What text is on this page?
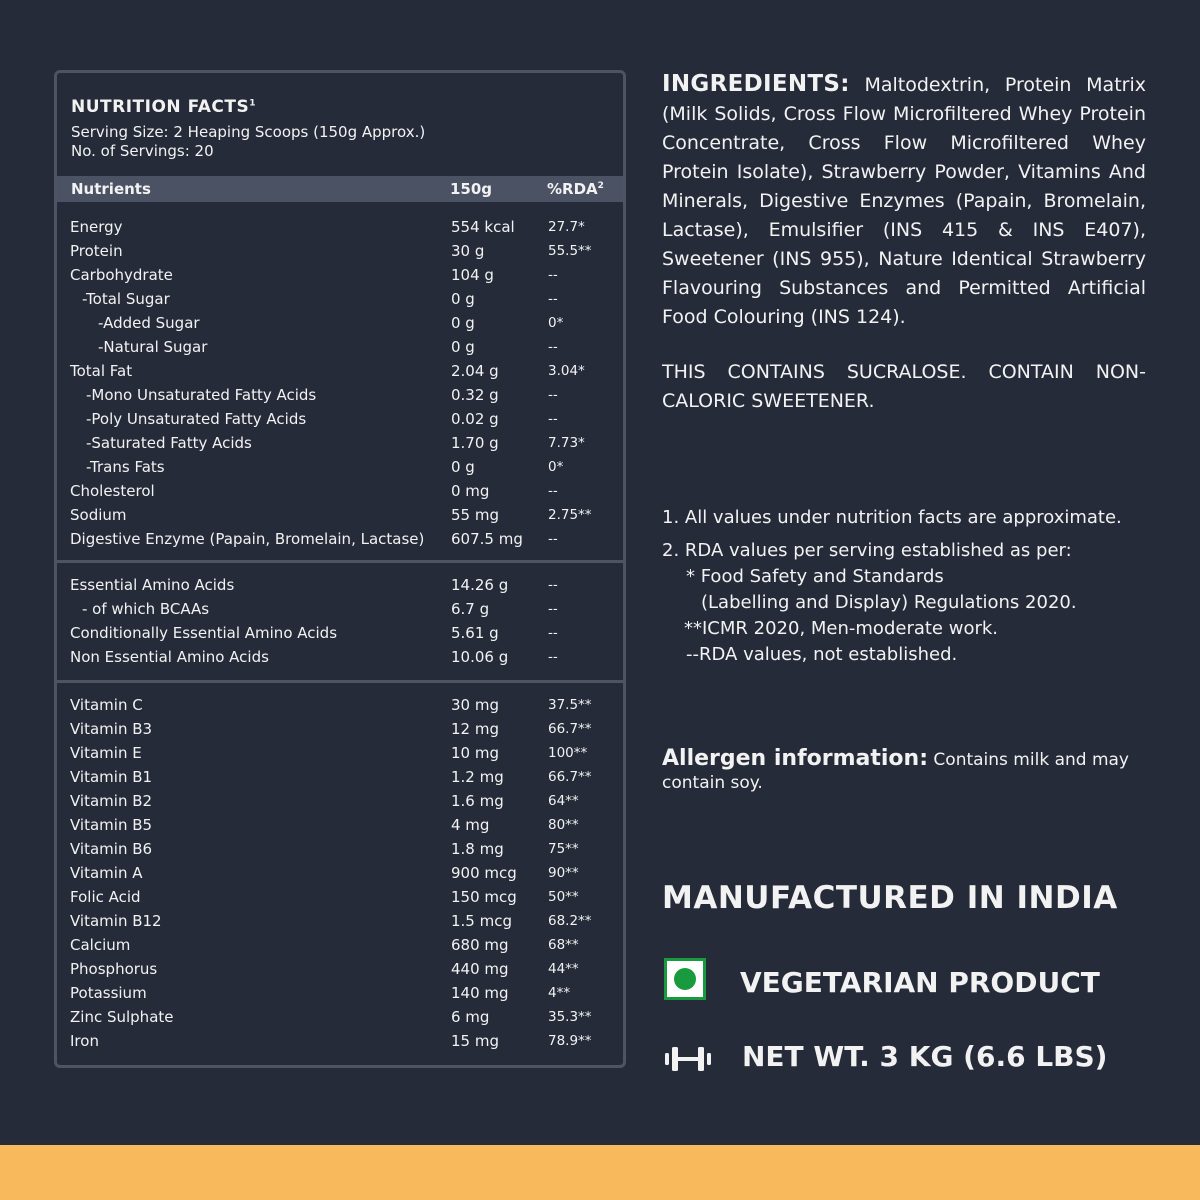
NUTRITION FACTS$^1$
Serving Size: 2 Heaping Scoops (150g Approx.)
No. of Servings: 20
Nutrients	150g	%RDA$^2$
Energy	554 kcal 27.7*
Protein	30 g	55.5**
Carbohydrate	104 g	--
-Total Sugar	0 g	--
-Added Sugar	0 g	0*
-Natural Sugar	0 g	--
Total Fat	2.04 g	3.04*
-Mono Unsaturated Fatty Acids	0.32 g	--
-Poly Unsaturated Fatty Acids	0.02 g	--
-Saturated Fatty Acids	1.70 g	7.73*
-Trans Fats	0 g	0*
Cholesterol	0 mg	--
Sodium	55 mg	2.75**
Digestive Enzyme (Papain, Bromelain, Lactase) 607.5 mg --
Essential Amino Acids	14.26 g	--
- of which BCAAs	6.7 g	--
Conditionally Essential Amino Acids	5.61 g	--
Non Essential Amino Acids	10.06 g	--
Vitamin C	30 mg	37.5**
Vitamin B3	12 mg	66.7**
Vitamin E	10 mg	100**
Vitamin B1	1.2 mg	66.7**
Vitamin B2	1.6 mg	64**
Vitamin B5	4 mg	80**
Vitamin B6	1.8 mg	75**
Vitamin A	900 mcg 90**
Folic Acid	150 mcg 50**
Vitamin B12	1.5 mcg	68.2**
Calcium	680 mg	68**
Phosphorus	440 mg	44**
Potassium	140 mg	4**
Zinc Sulphate	6 mg	35.3**
Iron	15 mg	78.9**
INGREDIENTS: Maltodextrin, Protein Matrix (Milk Solids, Cross Flow Microfiltered Whey Protein Concentrate, Cross Flow Microfiltered Whey Protein Isolate), Strawberry Powder, Vitamins And Minerals, Digestive Enzymes (Papain, Bromelain, Lactase), Emulsifier (INS 415 & INS E407), Sweetener (INS 955), Nature Identical Strawberry Flavouring Substances and Permitted Artificial Food Colouring (INS 124).
THIS CONTAINS SUCRALOSE. CONTAIN NON-CALORIC SWEETENER.
1. All values under nutrition facts are approximate.
2. RDA values per serving established as per:
* Food Safety and Standards
(Labelling and Display) Regulations 2020.
**ICMR 2020, Men-moderate work.
--RDA values, not established.
Allergen information: Contains milk and may contain soy.
MANUFACTURED IN INDIA
VEGETARIAN PRODUCT
NET WT. 3 KG (6.6 LBS)
